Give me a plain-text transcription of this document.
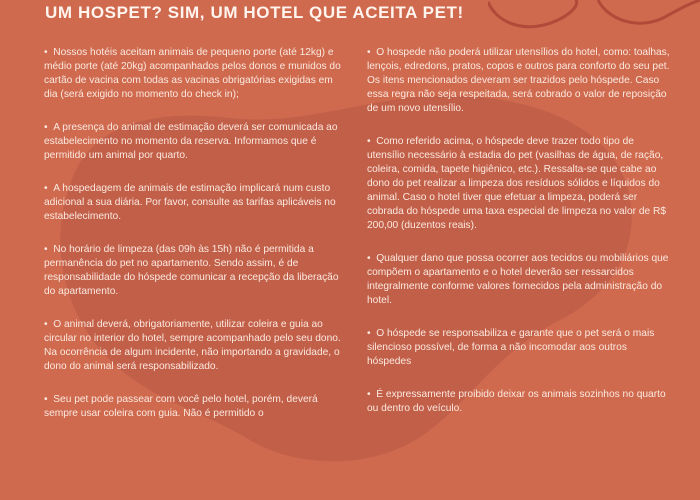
UM HOSPET? SIM, UM HOTEL QUE ACEITA PET!

•  Nossos hotéis aceitam animais de pequeno porte (até 12kg) e médio porte (até 20kg) acompanhados pelos donos e munidos do cartão de vacina com todas as vacinas obrigatórias exigidas em dia (será exigido no momento do check in);

•  A presença do animal de estimação deverá ser comunicada ao estabelecimento no momento da reserva. Informamos que é permitido um animal por quarto.

•  A hospedagem de animais de estimação implicará num custo adicional a sua diária. Por favor, consulte as tarifas aplicáveis no estabelecimento.

•  No horário de limpeza (das 09h às 15h) não é permitida a permanência do pet no apartamento. Sendo assim, é de responsabilidade do hóspede comunicar a recepção da liberação do apartamento.

•  O animal deverá, obrigatoriamente, utilizar coleira e guia ao circular no interior do hotel, sempre acompanhado pelo seu dono. Na ocorrência de algum incidente, não importando a gravidade, o dono do animal será responsabilizado.

•  Seu pet pode passear com você pelo hotel, porém, deverá sempre usar coleira com guia. Não é permitido o

•  O hospede não poderá utilizar utensílios do hotel, como: toalhas, lençois, edredons, pratos, copos e outros para conforto do seu pet. Os itens mencionados deveram ser trazidos pelo hóspede. Caso essa regra não seja respeitada, será cobrado o valor de reposição de um novo utensílio.

•  Como referido acima, o hóspede deve trazer todo tipo de utensílio necessário à estadia do pet (vasilhas de água, de ração, coleira, comida, tapete higiênico, etc.). Ressalta-se que cabe ao dono do pet realizar a limpeza dos resíduos sólidos e líquidos do animal. Caso o hotel tiver que efetuar a limpeza, poderá ser cobrada do hóspede uma taxa especial de limpeza no valor de R$ 200,00 (duzentos reais).

•  Qualquer dano que possa ocorrer aos tecidos ou mobiliários que compõem o apartamento e o hotel deverão ser ressarcidos integralmente conforme valores fornecidos pela administração do hotel.

•  O hóspede se responsabiliza e garante que o pet será o mais silencioso possível, de forma a não incomodar aos outros hóspedes

•  É expressamente proibido deixar os animais sozinhos no quarto ou dentro do veículo.
